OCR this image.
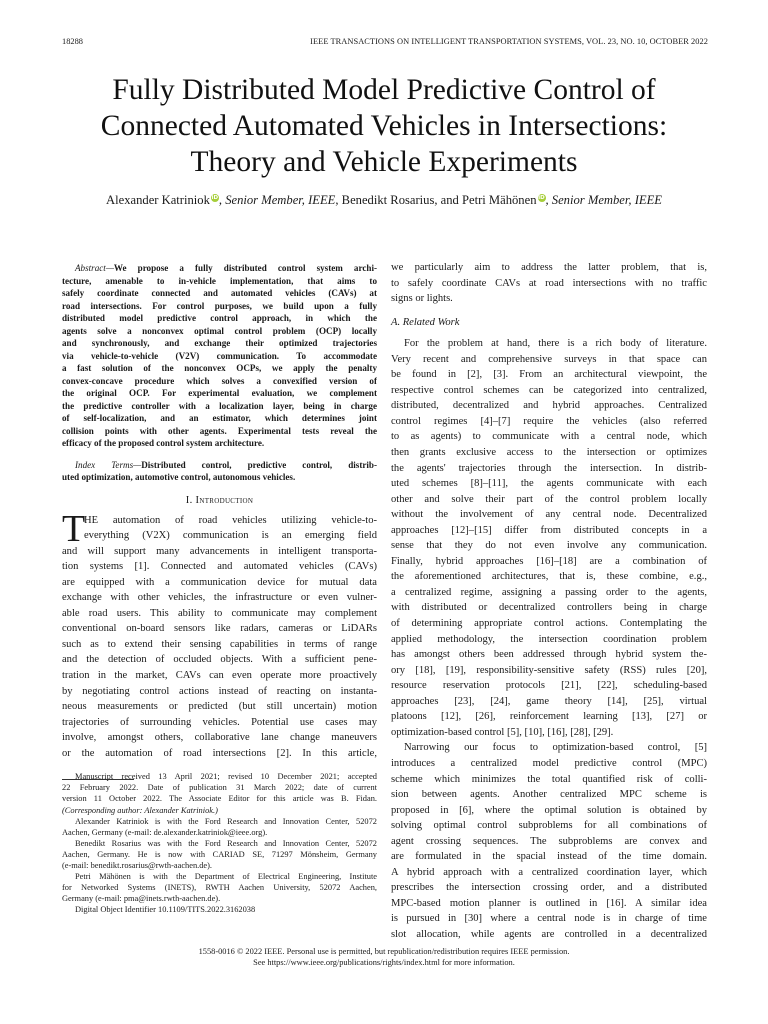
18288	IEEE TRANSACTIONS ON INTELLIGENT TRANSPORTATION SYSTEMS, VOL. 23, NO. 10, OCTOBER 2022
Fully Distributed Model Predictive Control of
Connected Automated Vehicles in Intersections:
Theory and Vehicle Experiments
Alexander Katriniok iD, Senior Member, IEEE, Benedikt Rosarius, and Petri Mähönen iD, Senior Member, IEEE
Abstract—We propose a fully distributed control system archi-
tecture, amenable to in-vehicle implementation, that aims to
safely coordinate connected and automated vehicles (CAVs) at
road intersections. For control purposes, we build upon a fully
distributed model predictive control approach, in which the
agents solve a nonconvex optimal control problem (OCP) locally
and synchronously, and exchange their optimized trajectories
via vehicle-to-vehicle (V2V) communication. To accommodate
a fast solution of the nonconvex OCPs, we apply the penalty
convex-concave procedure which solves a convexified version of
the original OCP. For experimental evaluation, we complement
the predictive controller with a localization layer, being in charge
of self-localization, and an estimator, which determines joint
collision points with other agents. Experimental tests reveal the
efficacy of the proposed control system architecture.
Index Terms—Distributed control, predictive control, distrib-
uted optimization, automotive control, autonomous vehicles.
I. Introduction
T
HE automation of road vehicles utilizing vehicle-to-
everything (V2X) communication is an emerging field
and will support many advancements in intelligent transporta-
tion systems [1]. Connected and automated vehicles (CAVs)
are equipped with a communication device for mutual data
exchange with other vehicles, the infrastructure or even vulner-
able road users. This ability to communicate may complement
conventional on-board sensors like radars, cameras or LiDARs
such as to extend their sensing capabilities in terms of range
and the detection of occluded objects. With a sufficient pene-
tration in the market, CAVs can even operate more proactively
by negotiating control actions instead of reacting on instanta-
neous measurements or predicted (but still uncertain) motion
trajectories of surrounding vehicles. Potential use cases may
involve, amongst others, collaborative lane change maneuvers
or the automation of road intersections [2]. In this article,
Manuscript received 13 April 2021; revised 10 December 2021; accepted
22 February 2022. Date of publication 31 March 2022; date of current
version 11 October 2022. The Associate Editor for this article was B. Fidan.
(Corresponding author: Alexander Katriniok.)
Alexander Katriniok is with the Ford Research and Innovation Center, 52072
Aachen, Germany (e-mail: de.alexander.katriniok@ieee.org).
Benedikt Rosarius was with the Ford Research and Innovation Center, 52072
Aachen, Germany. He is now with CARIAD SE, 71297 Mönsheim, Germany
(e-mail: benedikt.rosarius@rwth-aachen.de).
Petri Mähönen is with the Department of Electrical Engineering, Institute
for Networked Systems (INETS), RWTH Aachen University, 52072 Aachen,
Germany (e-mail: pma@inets.rwth-aachen.de).
Digital Object Identifier 10.1109/TITS.2022.3162038
we particularly aim to address the latter problem, that is,
to safely coordinate CAVs at road intersections with no traffic
signs or lights.
A. Related Work
For the problem at hand, there is a rich body of literature.
Very recent and comprehensive surveys in that space can
be found in [2], [3]. From an architectural viewpoint, the
respective control schemes can be categorized into centralized,
distributed, decentralized and hybrid approaches. Centralized
control regimes [4]–[7] require the vehicles (also referred
to as agents) to communicate with a central node, which
then grants exclusive access to the intersection or optimizes
the agents' trajectories through the intersection. In distrib-
uted schemes [8]–[11], the agents communicate with each
other and solve their part of the control problem locally
without the involvement of any central node. Decentralized
approaches [12]–[15] differ from distributed concepts in a
sense that they do not even involve any communication.
Finally, hybrid approaches [16]–[18] are a combination of
the aforementioned architectures, that is, these combine, e.g.,
a centralized regime, assigning a passing order to the agents,
with distributed or decentralized controllers being in charge
of determining appropriate control actions. Contemplating the
applied methodology, the intersection coordination problem
has amongst others been addressed through hybrid system the-
ory [18], [19], responsibility-sensitive safety (RSS) rules [20],
resource reservation protocols [21], [22], scheduling-based
approaches [23], [24], game theory [14], [25], virtual
platoons [12], [26], reinforcement learning [13], [27] or
optimization-based control [5], [10], [16], [28], [29].
Narrowing our focus to optimization-based control, [5]
introduces a centralized model predictive control (MPC)
scheme which minimizes the total quantified risk of colli-
sion between agents. Another centralized MPC scheme is
proposed in [6], where the optimal solution is obtained by
solving optimal control subproblems for all combinations of
agent crossing sequences. The subproblems are convex and
are formulated in the spacial instead of the time domain.
A hybrid approach with a centralized coordination layer, which
prescribes the intersection crossing order, and a distributed
MPC-based motion planner is outlined in [16]. A similar idea
is pursued in [30] where a central node is in charge of time
slot allocation, while agents are controlled in a decentralized
1558-0016 © 2022 IEEE. Personal use is permitted, but republication/redistribution requires IEEE permission.
See https://www.ieee.org/publications/rights/index.html for more information.
